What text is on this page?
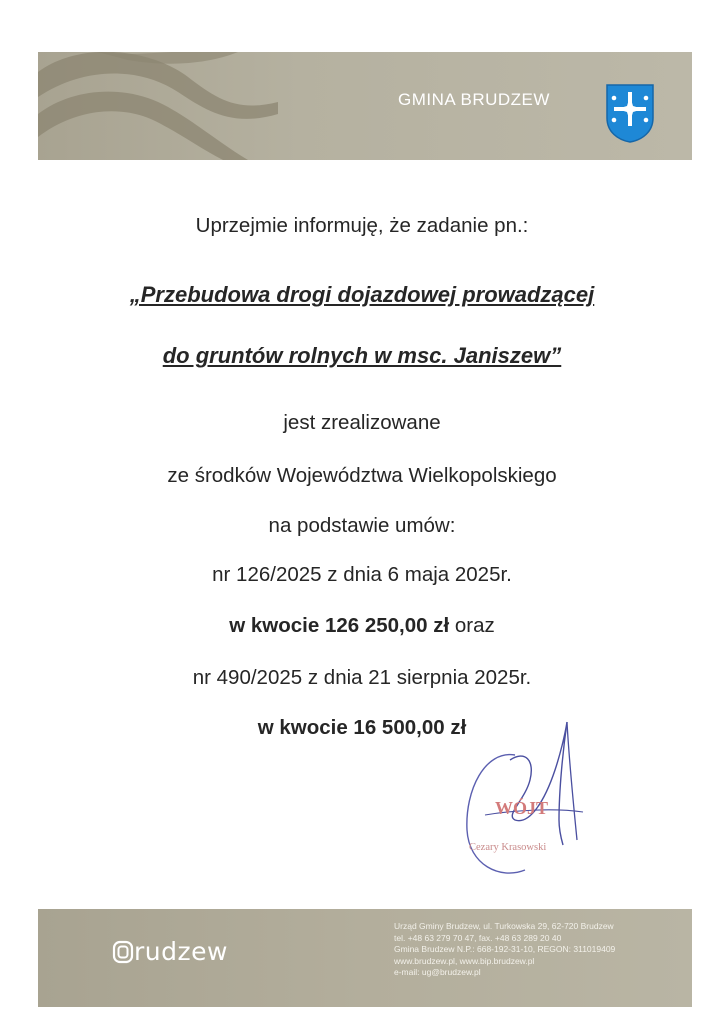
GMINA BRUDZEW
Uprzejmie informuję, że zadanie pn.:
„Przebudowa drogi dojazdowej prowadzącej
do gruntów rolnych w msc. Janiszew”
jest zrealizowane
ze środków Województwa Wielkopolskiego
na podstawie umów:
nr 126/2025 z dnia 6 maja 2025r.
w kwocie 126 250,00 zł oraz
nr 490/2025 z dnia 21 sierpnia 2025r.
w kwocie 16 500,00 zł
WÓJT
Cezary Krasowski
rudzew
Urząd Gminy Brudzew, ul. Turkowska 29, 62-720 Brudzew
tel. +48 63 279 70 47, fax. +48 63 289 20 40
Gmina Brudzew N.P.: 668-192-31-10, REGON: 311019409
www.brudzew.pl, www.bip.brudzew.pl
e-mail: ug@brudzew.pl
